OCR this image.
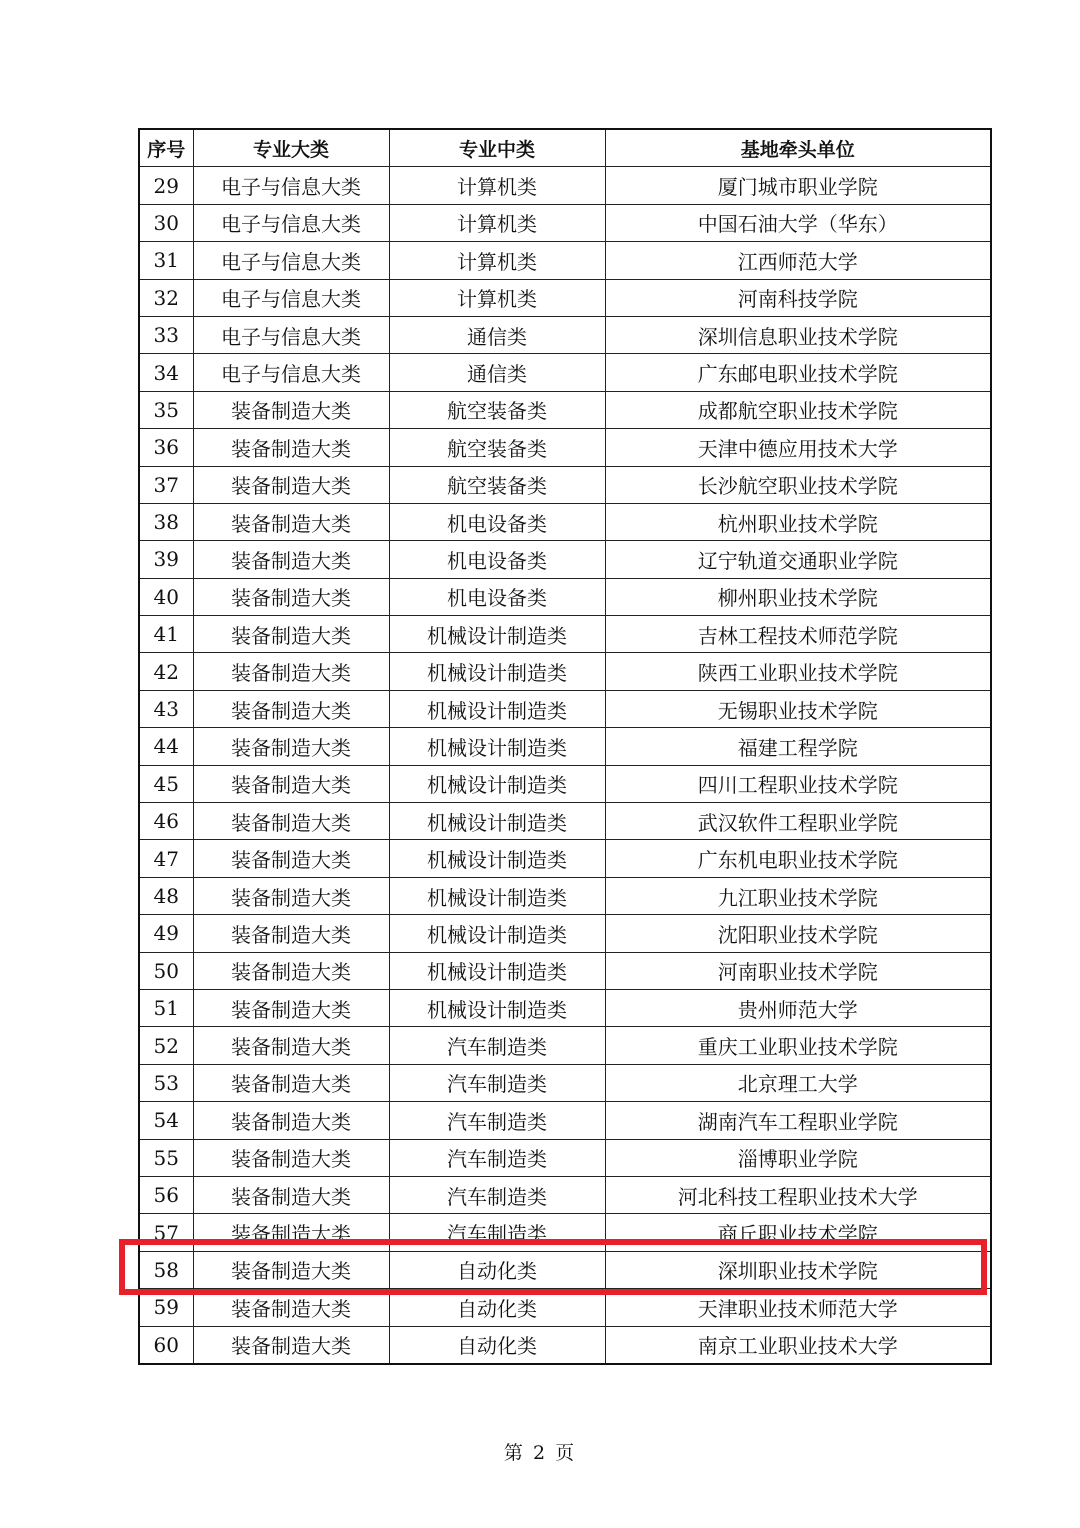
序号	专业大类	专业中类	基地牵头单位
29	电子与信息大类	计算机类	厦门城市职业学院
30	电子与信息大类	计算机类	中国石油大学（华东）
31	电子与信息大类	计算机类	江西师范大学
32	电子与信息大类	计算机类	河南科技学院
33	电子与信息大类	通信类	深圳信息职业技术学院
34	电子与信息大类	通信类	广东邮电职业技术学院
35	装备制造大类	航空装备类	成都航空职业技术学院
36	装备制造大类	航空装备类	天津中德应用技术大学
37	装备制造大类	航空装备类	长沙航空职业技术学院
38	装备制造大类	机电设备类	杭州职业技术学院
39	装备制造大类	机电设备类	辽宁轨道交通职业学院
40	装备制造大类	机电设备类	柳州职业技术学院
41	装备制造大类	机械设计制造类	吉林工程技术师范学院
42	装备制造大类	机械设计制造类	陕西工业职业技术学院
43	装备制造大类	机械设计制造类	无锡职业技术学院
44	装备制造大类	机械设计制造类	福建工程学院
45	装备制造大类	机械设计制造类	四川工程职业技术学院
46	装备制造大类	机械设计制造类	武汉软件工程职业学院
47	装备制造大类	机械设计制造类	广东机电职业技术学院
48	装备制造大类	机械设计制造类	九江职业技术学院
49	装备制造大类	机械设计制造类	沈阳职业技术学院
50	装备制造大类	机械设计制造类	河南职业技术学院
51	装备制造大类	机械设计制造类	贵州师范大学
52	装备制造大类	汽车制造类	重庆工业职业技术学院
53	装备制造大类	汽车制造类	北京理工大学
54	装备制造大类	汽车制造类	湖南汽车工程职业学院
55	装备制造大类	汽车制造类	淄博职业学院
56	装备制造大类	汽车制造类	河北科技工程职业技术大学
57	装备制造大类	汽车制造类	商丘职业技术学院
58	装备制造大类	自动化类	深圳职业技术学院
59	装备制造大类	自动化类	天津职业技术师范大学
60	装备制造大类	自动化类	南京工业职业技术大学
第 2 页
